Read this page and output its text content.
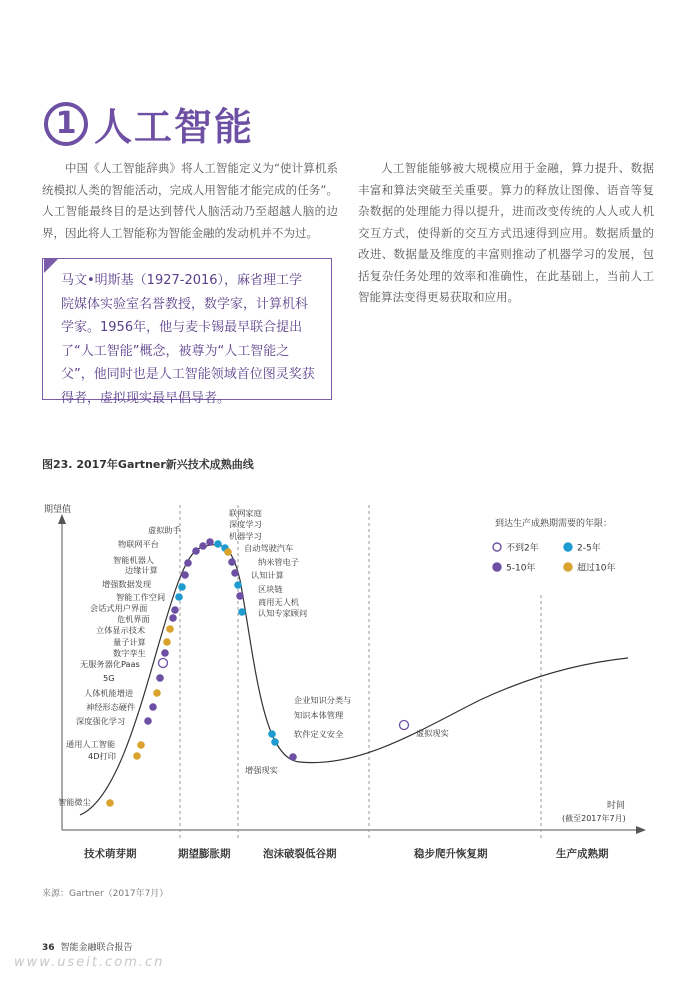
1 人工智能
中国《人工智能辞典》将人工智能定义为“使计算机系统模拟人类的智能活动，完成人用智能才能完成的任务”。人工智能最终目的是达到替代人脑活动乃至超越人脑的边界，因此将人工智能称为智能金融的发动机并不为过。
人工智能能够被大规模应用于金融，算力提升、数据丰富和算法突破至关重要。算力的释放让图像、语音等复杂数据的处理能力得以提升，进而改变传统的人人或人机交互方式，使得新的交互方式迅速得到应用。数据质量的改进、数据量及维度的丰富则推动了机器学习的发展，包括复杂任务处理的效率和准确性，在此基础上，当前人工智能算法变得更易获取和应用。
马文•明斯基（1927-2016），麻省理工学院媒体实验室名誉教授，数学家，计算机科学家。1956年，他与麦卡锡最早联合提出了“人工智能”概念，被尊为“人工智能之父”，他同时也是人工智能领域首位图灵奖获得者，虚拟现实最早倡导者。
图23. 2017年Gartner新兴技术成熟曲线
期望值
时间
(截至2017年7月)
技术萌芽期	期望膨胀期	泡沫破裂低谷期	稳步爬升恢复期	生产成熟期
到达生产成熟期需要的年限：
不到2年	2-5年
5-10年	超过10年
智能微尘
4D打印
通用人工智能
深度强化学习
神经形态硬件
人体机能增进
5G
无服务器化Paas
数字孪生
量子计算
立体显示技术
危机界面
会话式用户界面
智能工作空间
增强数据发现
边缘计算
智能机器人
物联网平台
虚拟助手
联网家庭
深度学习
机器学习
自动驾驶汽车
纳米管电子
认知计算
区块链
商用无人机
认知专家顾问
企业知识分类与
知识本体管理
软件定义安全
增强现实
虚拟现实
来源：Gartner（2017年7月）
36 智能金融联合报告
www.useit.com.cn
